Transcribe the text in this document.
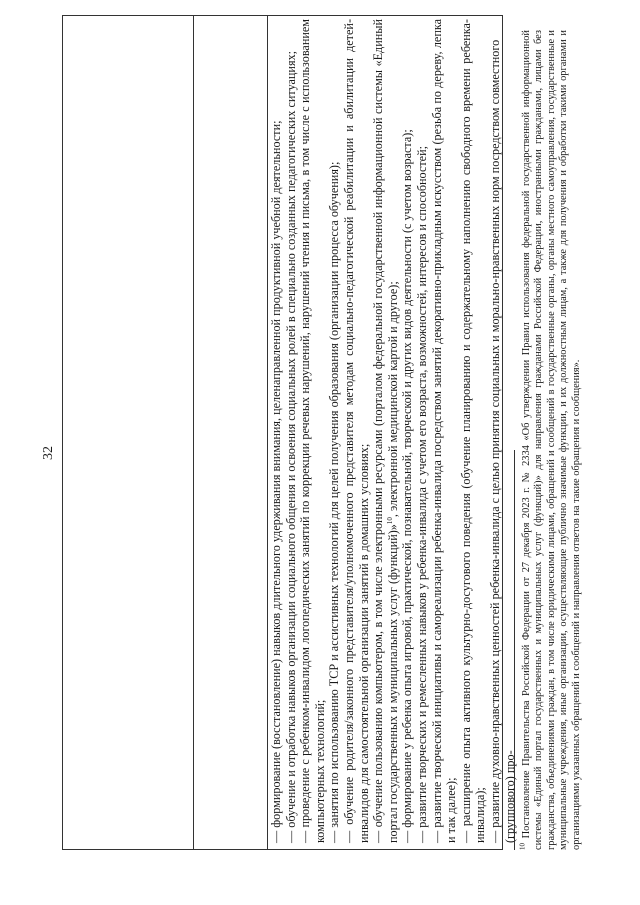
32	— формирование (восстановление) навыков длительного удерживания внимания, целенаправленной продуктивной учебной деятельности; — обучение и отработка навыков организации социального общения и освоения социальных ролей в специально созданных педагогических ситуациях; — проведение с ребенком-инвалидом логопедических занятий по коррекции речевых нарушений, нарушений чтения и письма, в том числе с использованием компьютерных технологий; — занятия по использованию ТСР и ассистивных технологий для целей получения образования (организации процесса обучения); — обучение родителя/законного представителя/уполномоченного представителя методам социально-педагогической реабилитации и абилитации детей-инвалидов для самостоятельной организации занятий в домашних условиях; — обучение пользованию компьютером, в том числе электронными ресурсами (порталом федеральной государственной информационной системы «Единый портал государственных и муниципальных услуг (функций)»$^{10}$, электронной медицинской картой и другое); — формирование у ребенка опыта игровой, практической, познавательной, творческой и других видов деятельности (с учетом возраста); — развитие творческих и ремесленных навыков у ребенка-инвалида с учетом его возраста, возможностей, интересов и способностей; — развитие творческой инициативы и самореализации ребенка-инвалида посредством занятий декоративно-прикладным искусством (резьба по дереву, лепка и так далее); — расширение опыта активного культурно-досугового поведения (обучение планированию и содержательному наполнению свободного времени ребенка-инвалида); — развитие духовно-нравственных ценностей ребенка-инвалида с целью принятия социальных и морально-нравственных норм посредством совместного (группового) про-

$^{10}$ Постановление Правительства Российской Федерации от 27 декабря 2023 г. № 2334 «Об утверждении Правил использования федеральной государственной информационной системы «Единый портал государственных и муниципальных услуг (функций)» для направления гражданами Российской Федерации, иностранными гражданами, лицами без гражданства, объединениями граждан, в том числе юридическими лицами, обращений и сообщений в государственные органы, органы местного самоуправления, государственные и муниципальные учреждения, иные организации, осуществляющие публично значимые функции, и их должностным лицам, а также для получения и обработки такими органами и организациями указанных обращений и сообщений и направления ответов на такие обращения и сообщения».
